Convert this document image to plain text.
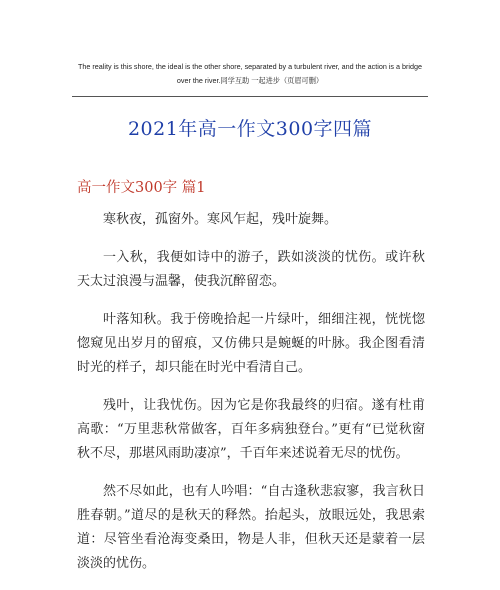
The reality is this shore, the ideal is the other shore, separated by a turbulent river, and the action is a bridge
over the river.同学互助 一起进步（页眉可删）
2021年高一作文300字四篇
高一作文300字 篇1

寒秋夜，孤窗外。寒风乍起，残叶旋舞。

一入秋，我便如诗中的游子，跌如淡淡的忧伤。或许秋天太过浪漫与温馨，使我沉醉留恋。

叶落知秋。我于傍晚拾起一片绿叶，细细注视，恍恍惚惚窥见出岁月的留痕，又仿佛只是蜿蜒的叶脉。我企图看清时光的样子，却只能在时光中看清自己。

残叶，让我忧伤。因为它是你我最终的归宿。遂有杜甫高歌：“万里悲秋常做客，百年多病独登台。”更有“已觉秋窗秋不尽，那堪风雨助凄凉”，千百年来述说着无尽的忧伤。

然不尽如此，也有人吟唱：“自古逢秋悲寂寥，我言秋日胜春朝。”道尽的是秋天的释然。抬起头，放眼远处，我思索道：尽管坐看沧海变桑田，物是人非，但秋天还是蒙着一层淡淡的忧伤。
